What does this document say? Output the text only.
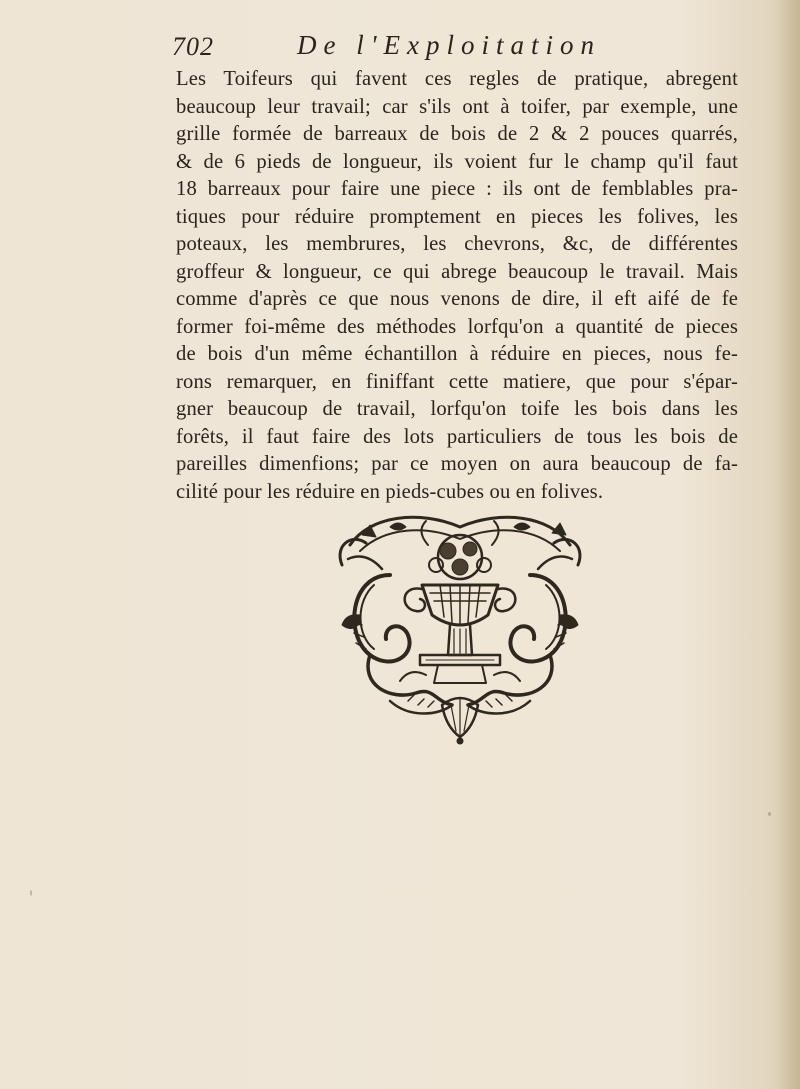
702	De l'Exploitation
Les Toifeurs qui favent ces regles de pratique, abregent
beaucoup leur travail; car s'ils ont à toifer, par exemple, une
grille formée de barreaux de bois de 2 & 2 pouces quarrés,
& de 6 pieds de longueur, ils voient fur le champ qu'il faut
18 barreaux pour faire une piece : ils ont de femblables pra-
tiques pour réduire promptement en pieces les folives, les
poteaux, les membrures, les chevrons, &c, de différentes
groffeur & longueur, ce qui abrege beaucoup le travail. Mais
comme d'après ce que nous venons de dire, il eft aifé de fe
former foi-même des méthodes lorfqu'on a quantité de pieces
de bois d'un même échantillon à réduire en pieces, nous fe-
rons remarquer, en finiffant cette matiere, que pour s'épar-
gner beaucoup de travail, lorfqu'on toife les bois dans les
forêts, il faut faire des lots particuliers de tous les bois de
pareilles dimenfions; par ce moyen on aura beaucoup de fa-
cilité pour les réduire en pieds-cubes ou en folives.
